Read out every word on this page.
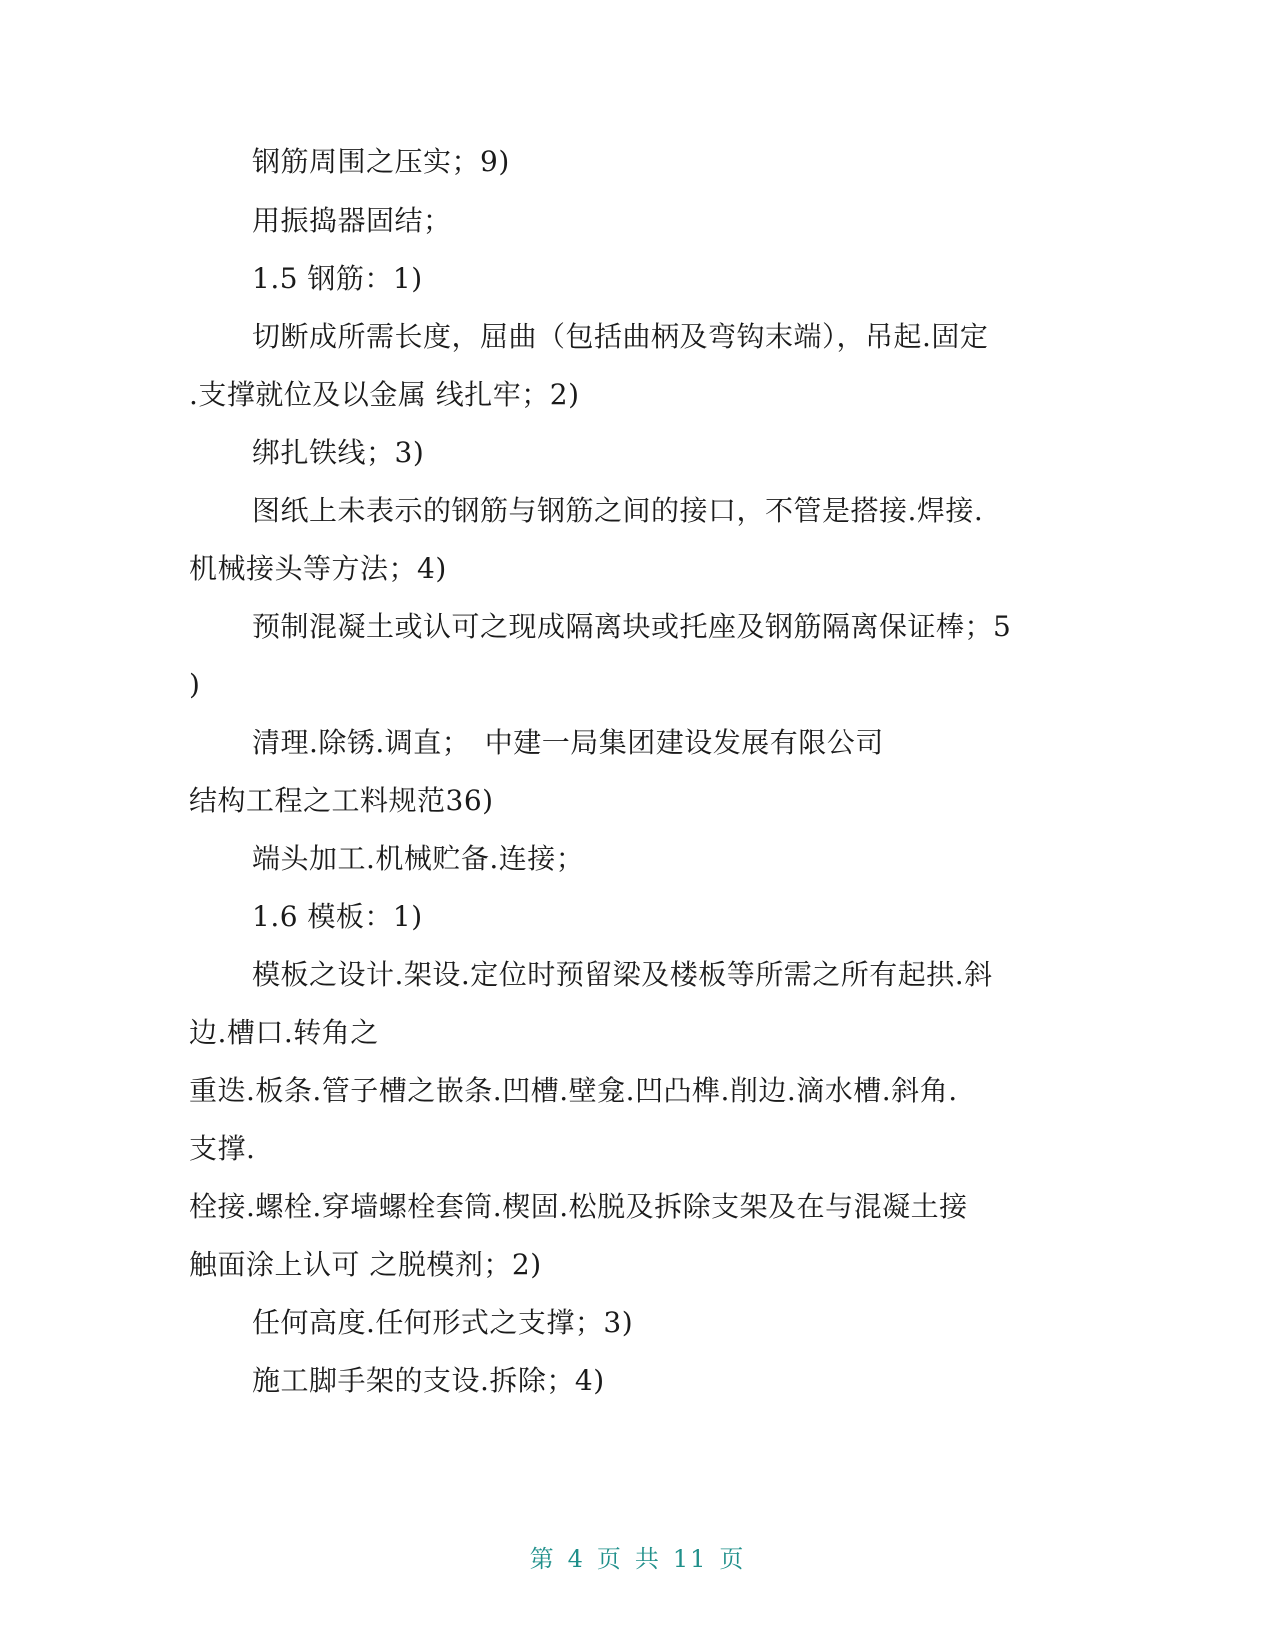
钢筋周围之压实；9)
用振捣器固结；
1.5 钢筋：1)
切断成所需长度，屈曲（包括曲柄及弯钩末端），吊起.固定
.支撑就位及以金属 线扎牢；2)
绑扎铁线；3)
图纸上未表示的钢筋与钢筋之间的接口，不管是搭接.焊接.
机械接头等方法；4)
预制混凝土或认可之现成隔离块或托座及钢筋隔离保证棒；5
)
清理.除锈.调直；　中建一局集团建设发展有限公司
结构工程之工料规范36)
端头加工.机械贮备.连接；
1.6 模板：1)
模板之设计.架设.定位时预留梁及楼板等所需之所有起拱.斜
边.槽口.转角之
重迭.板条.管子槽之嵌条.凹槽.壁龛.凹凸榫.削边.滴水槽.斜角.
支撑.
栓接.螺栓.穿墙螺栓套筒.楔固.松脱及拆除支架及在与混凝土接
触面涂上认可 之脱模剂；2)
任何高度.任何形式之支撑；3)
施工脚手架的支设.拆除；4)
第 4 页 共 11 页
